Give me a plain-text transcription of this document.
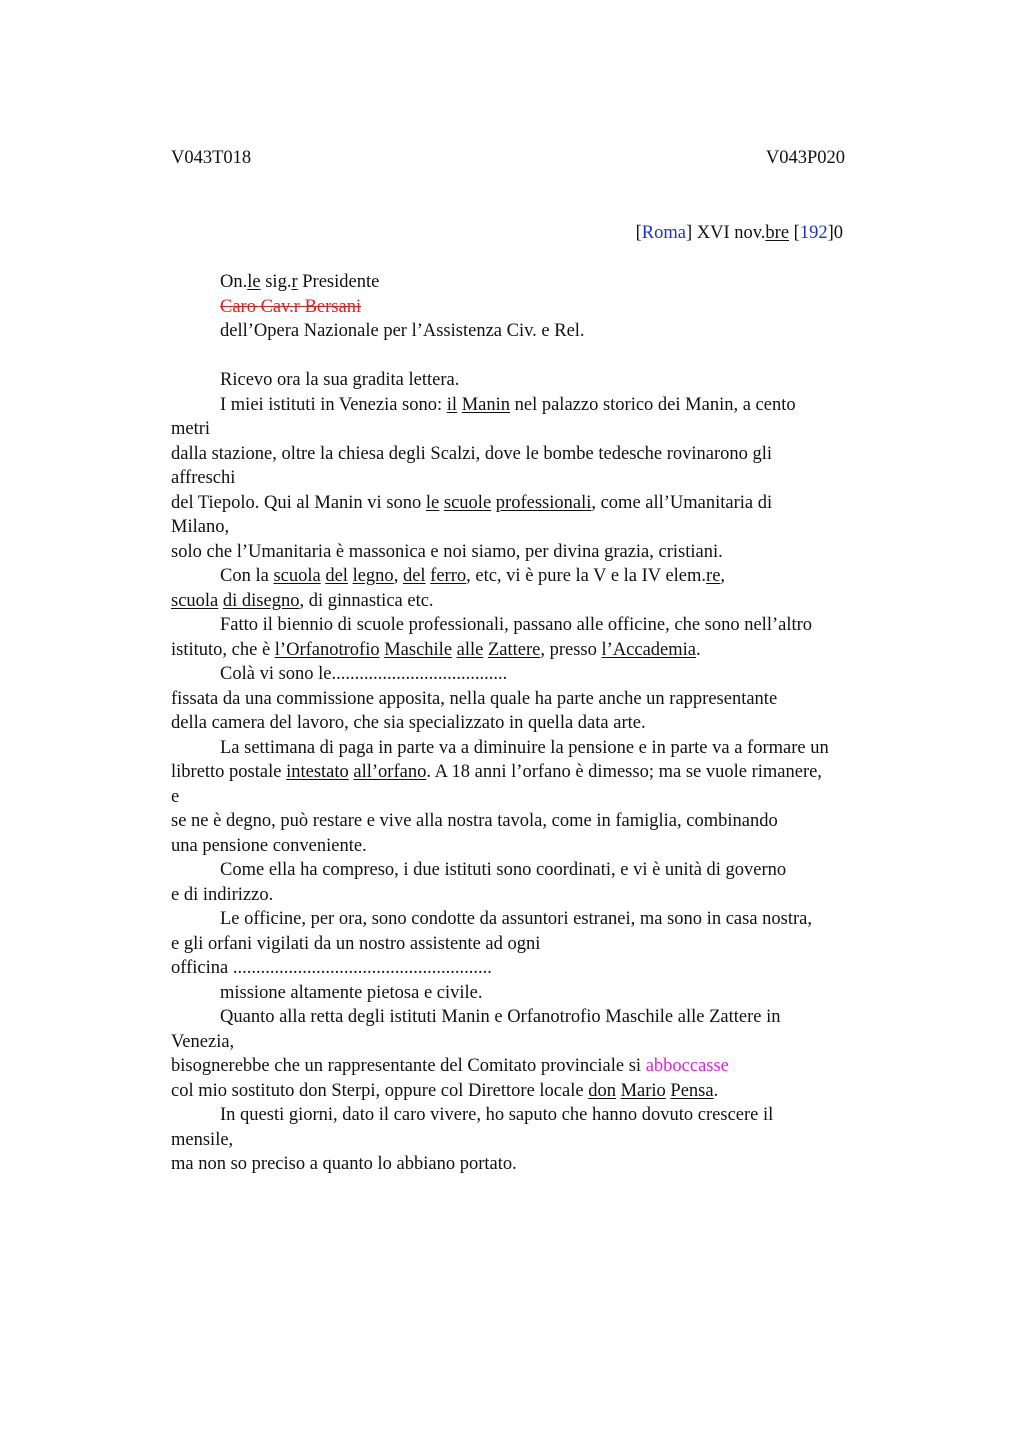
V043T018	V043P020
[Roma] XVI nov.bre [192]0
On.le sig.r Presidente
Caro Cav.r Bersani
dell’Opera Nazionale per l’Assistenza Civ. e Rel.
Ricevo ora la sua gradita lettera.
I miei istituti in Venezia sono: il Manin nel palazzo storico dei Manin, a cento
metri
dalla stazione, oltre la chiesa degli Scalzi, dove le bombe tedesche rovinarono gli
affreschi
del Tiepolo. Qui al Manin vi sono le scuole professionali, come all’Umanitaria di
Milano,
solo che l’Umanitaria è massonica e noi siamo, per divina grazia, cristiani.
Con la scuola del legno, del ferro, etc, vi è pure la V e la IV elem.re,
scuola di disegno, di ginnastica etc.
Fatto il biennio di scuole professionali, passano alle officine, che sono nell’altro
istituto, che è l’Orfanotrofio Maschile alle Zattere, presso l’Accademia.
Colà vi sono le......................................
fissata da una commissione apposita, nella quale ha parte anche un rappresentante
della camera del lavoro, che sia specializzato in quella data arte.
La settimana di paga in parte va a diminuire la pensione e in parte va a formare un
libretto postale intestato all’orfano. A 18 anni l’orfano è dimesso; ma se vuole rimanere,
e
se ne è degno, può restare e vive alla nostra tavola, come in famiglia, combinando
una pensione conveniente.
Come ella ha compreso, i due istituti sono coordinati, e vi è unità di governo
e di indirizzo.
Le officine, per ora, sono condotte da assuntori estranei, ma sono in casa nostra,
e gli orfani vigilati da un nostro assistente ad ogni
officina ........................................................
missione altamente pietosa e civile.
Quanto alla retta degli istituti Manin e Orfanotrofio Maschile alle Zattere in
Venezia,
bisognerebbe che un rappresentante del Comitato provinciale si abboccasse
col mio sostituto don Sterpi, oppure col Direttore locale don Mario Pensa.
In questi giorni, dato il caro vivere, ho saputo che hanno dovuto crescere il
mensile,
ma non so preciso a quanto lo abbiano portato.
